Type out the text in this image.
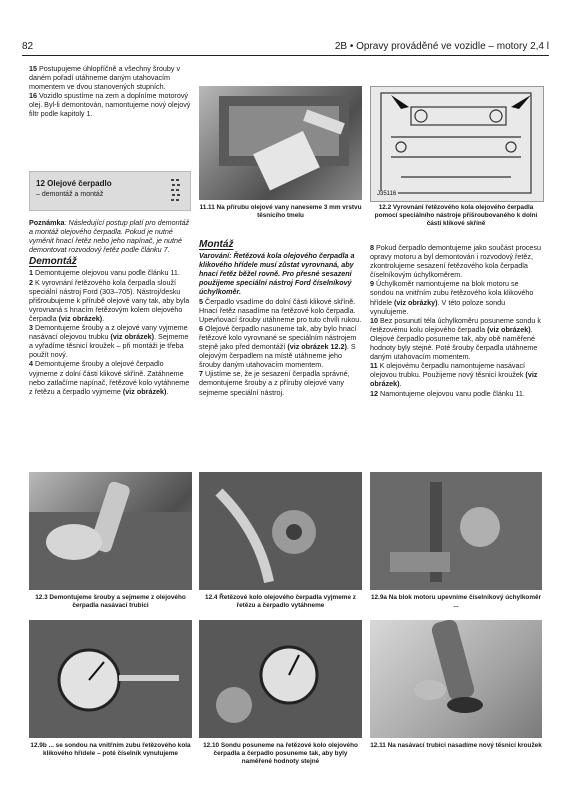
82	2B • Opravy prováděné ve vozidle – motory 2,4 l

15 Postupujeme úhlopříčně a všechny šrouby v daném pořadí utáhneme daným utahovacím momentem ve dvou stanovených stupních.

16 Vozidlo spustíme na zem a doplníme motorový olej. Byl-li demontován, namontujeme nový olejový filtr podle kapitoly 1.

12 Olejové čerpadlo
– demontáž a montáž

Poznámka: Následující postup platí pro demontáž a montáž olejového čerpadla. Pokud je nutné vyměnit hnací řetěz nebo jeho napínač, je nutné demontovat rozvodový řetěz podle článku 7.

Demontáž

1 Demontujeme olejovou vanu podle článku 11.

2 K vyrovnání řetězového kola čerpadla slouží speciální nástroj Ford (303–705). Nástroj/desku přišroubujeme k přírubě olejové vany tak, aby byla vyrovnaná s hnacím řetězovým kolem olejového čerpadla (viz obrázek).

3 Demontujeme šrouby a z olejové vany vyjmeme nasávací olejovou trubku (viz obrázek). Sejmeme a vyřadíme těsnicí kroužek – při montáži je třeba použít nový.

4 Demontujeme šrouby a olejové čerpadlo vyjmeme z dolní části klikové skříně. Zatáhneme nebo zatlačíme napínač, řetězové kolo vytáhneme z řetězu a čerpadlo vyjmeme (viz obrázek).

11.11 Na přírubu olejové vany naneseme 3 mm vrstvu těsnicího tmelu
J35116
12.2 Vyrovnání řetězového kola olejového čerpadla pomocí speciálního nástroje přišroubovaného k dolní části klikové skříně
Montáž

Varování: Řetězová kola olejového čerpadla a klikového hřídele musí zůstat vyrovnaná, aby hnací řetěz běžel rovně. Pro přesné sesazení použijeme speciální nástroj Ford číselníkový úchylkoměr.

5 Čerpadlo vsadíme do dolní části klikové skříně. Hnací řetěz nasadíme na řetězové kolo čerpadla. Upevňovací šrouby utáhneme pro tuto chvíli rukou.

6 Olejové čerpadlo nasuneme tak, aby bylo hnací řetězové kolo vyrovnané se speciálním nástrojem stejně jako před demontáží (viz obrázek 12.2). S olejovým čerpadlem na místě utáhneme jeho šrouby daným utahovacím momentem.

7 Ujistíme se, že je sesazení čerpadla správné, demontujeme šrouby a z příruby olejové vany sejmeme speciální nástroj.

8 Pokud čerpadlo demontujeme jako součást procesu opravy motoru a byl demontován i rozvodový řetěz, zkontrolujeme sesazení řetězového kola čerpadla číselníkovým úchylkoměrem.

9 Úchylkoměr namontujeme na blok motoru se sondou na vnitřním zubu řetězového kola klikového hřídele (viz obrázky). V této poloze sondu vynulujeme.

10 Bez posunutí téla úchylkoměru posuneme sondu k řetězovému kolu olejového čerpadla (viz obrázek). Olejové čerpadlo posuneme tak, aby obě naměřené hodnoty byly stejné. Poté šrouby čerpadla utáhneme daným utahovacím momentem.

11 K olejovému čerpadlu namontujeme nasávací olejovou trubku. Použijeme nový těsnicí kroužek (viz obrázek).

12 Namontujeme olejovou vanu podle článku 11.

12.3 Demontujeme šrouby a sejmeme z olejového čerpadla nasávací trubici
12.4 Řetězové kolo olejového čerpadla vyjmeme z řetězu a čerpadlo vytáhneme
12.9a Na blok motoru upevníme číselníkový úchylkoměr ...
12.9b ... se sondou na vnitřním zubu řetězového kola klikového hřídele – poté číselník vynulujeme
12.10 Sondu posuneme na řetězové kolo olejového čerpadla a čerpadlo posuneme tak, aby byly naměřené hodnoty stejné
12.11 Na nasávací trubici nasadíme nový těsnicí kroužek
